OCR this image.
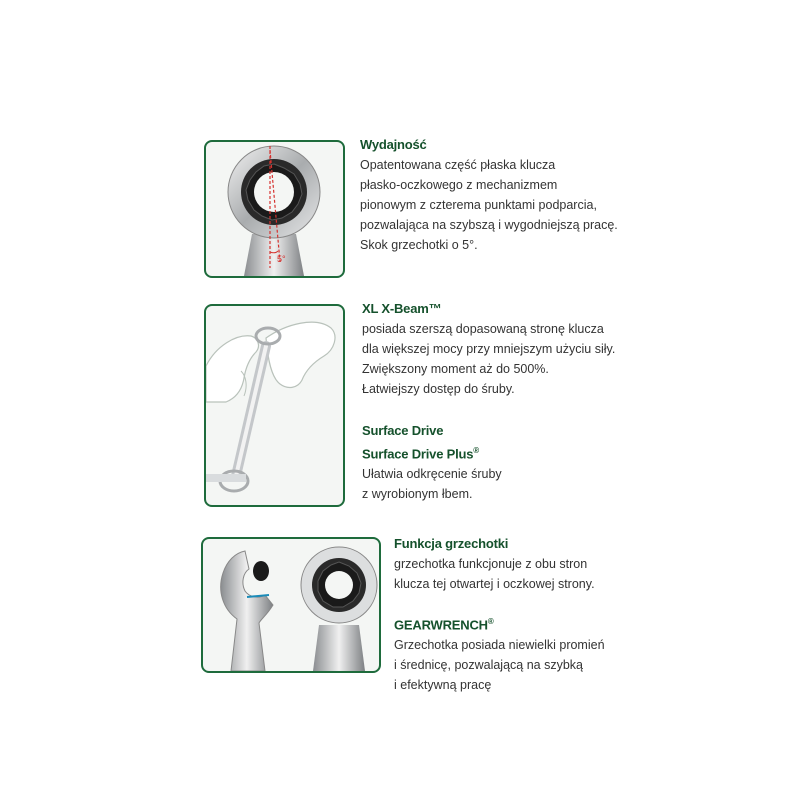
5°

Wydajność

Opatentowana część płaska klucza

płasko-oczkowego z mechanizmem

pionowym z czterema punktami podparcia,

pozwalająca na szybszą i wygodniejszą pracę.

Skok grzechotki o 5°.

XL X-Beam™

posiada szerszą dopasowaną stronę klucza

dla większej mocy przy mniejszym użyciu siły.

Zwiększony moment aż do 500%.

Łatwiejszy dostęp do śruby.

Surface Drive

Surface Drive Plus®

Ułatwia odkręcenie śruby

z wyrobionym łbem.

Funkcja grzechotki

grzechotka funkcjonuje z obu stron

klucza tej otwartej i oczkowej strony.

GEARWRENCH®

Grzechotka posiada niewielki promień

i średnicę, pozwalającą na szybką

i efektywną pracę
